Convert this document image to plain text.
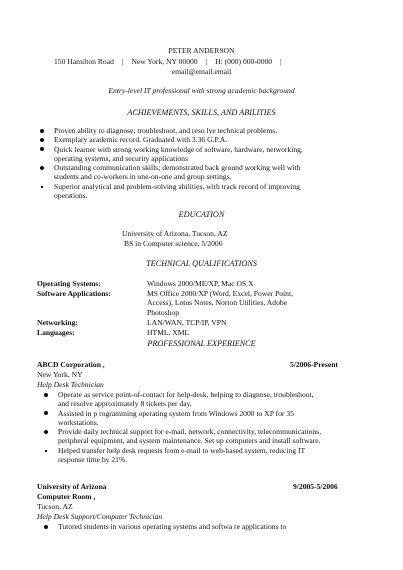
PETER ANDERSON
150 Hamilton Road | New York, NY 00000 | H: (000) 000-0000 |
email@email.email
Entry-level IT professional with strong academic background
ACHIEVEMENTS, SKILLS, AND ABILITIES
Proven ability to diagnose, troubleshoot, and reso lve technical problems.
Exemplary academic record. Graduated with 3.36 G.P.A.
Quick learner with strong working knowledge of software, hardware, networking, operating systems, and security applications
Outstanding communication skills; demonstrated back ground working well with students and co-workers in one-on-one and group settings.
Superior analytical and problem-solving abilities, with track record of improving operations.
EDUCATION
University of Arizona, Tucson, AZ
BS in Computer science, 5/2006
TECHNICAL QUALIFICATIONS
Operating Systems:	Windows 2000/ME/XP, Mac OS X
Software Applications:	MS Office 2000/XP (Word, Excel, Power Point, Access), Lotus Notes, Norton Utilities, Adobe Photoshop
Networking:	LAN/WAN, TCP/IP, VPN
Languages:	HTML, XML
PROFESSIONAL EXPERIENCE
ABCD Corporation ,	5/2006-Present
New York, NY
Help Desk Technician
Operate as service point-of-contact for help-desk, helping to diagnose, troubleshoot, and resolve approximately 8 tickets per day.
Assisted in p rogramming operating system from Windows 2000 to XP for 35 workstations.
Provide daily technical support for e-mail, network, connectivity, telecommunications, peripheral equipment, and system maintenance. Set up computers and install software.
Helped transfer help desk requests from e-mail to web-based system, reducing IT response time by 21%.
University of Arizona	9/2005-5/2006
Computer Room ,
Tucson, AZ
Help Desk Support/Computer Technician
Tutored students in various operating systems and softwa re applications to
